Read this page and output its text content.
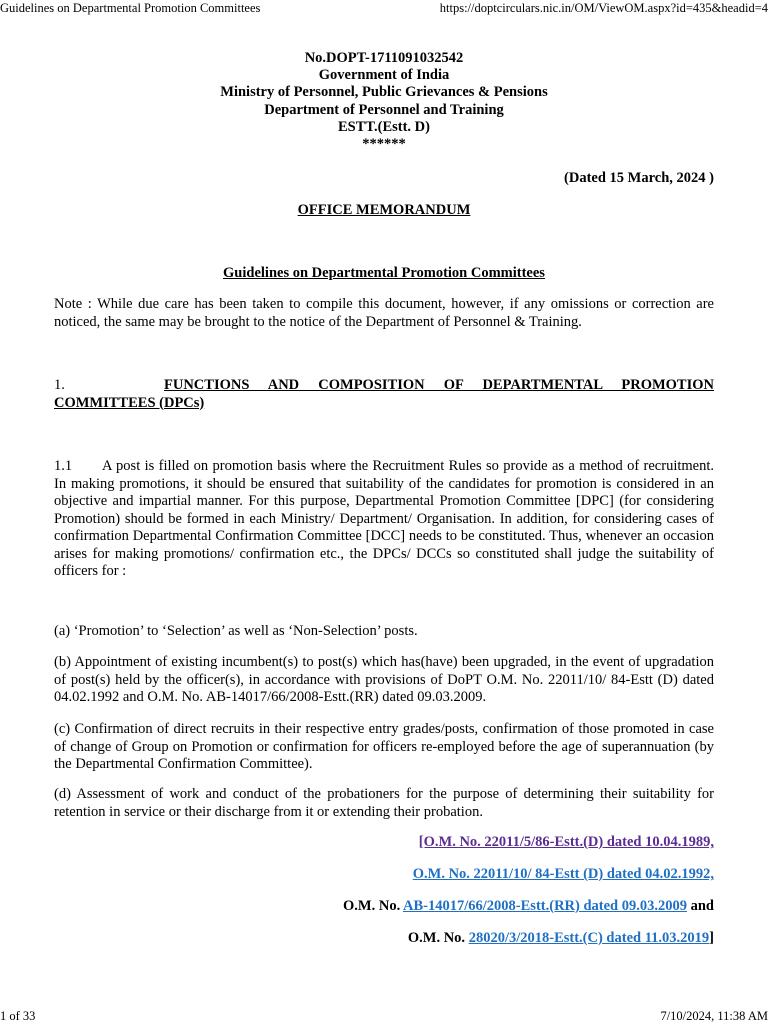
Guidelines on Departmental Promotion Committees	https://doptcirculars.nic.in/OM/ViewOM.aspx?id=435&headid=4
No.DOPT-1711091032542
Government of India
Ministry of Personnel, Public Grievances & Pensions
Department of Personnel and Training
ESTT.(Estt. D)
******
(Dated 15 March, 2024 )
OFFICE MEMORANDUM
Guidelines on Departmental Promotion Committees
Note : While due care has been taken to compile this document, however, if any omissions or correction are noticed, the same may be brought to the notice of the Department of Personnel & Training.
1.	FUNCTIONS AND COMPOSITION OF DEPARTMENTAL PROMOTION COMMITTEES (DPCs)
1.1 A post is filled on promotion basis where the Recruitment Rules so provide as a method of recruitment. In making promotions, it should be ensured that suitability of the candidates for promotion is considered in an objective and impartial manner. For this purpose, Departmental Promotion Committee [DPC] (for considering Promotion) should be formed in each Ministry/ Department/ Organisation. In addition, for considering cases of confirmation Departmental Confirmation Committee [DCC] needs to be constituted. Thus, whenever an occasion arises for making promotions/ confirmation etc., the DPCs/ DCCs so constituted shall judge the suitability of officers for :
(a) ‘Promotion’ to ‘Selection’ as well as ‘Non-Selection’ posts.
(b) Appointment of existing incumbent(s) to post(s) which has(have) been upgraded, in the event of upgradation of post(s) held by the officer(s), in accordance with provisions of DoPT O.M. No. 22011/10/ 84-Estt (D) dated 04.02.1992 and O.M. No. AB-14017/66/2008-Estt.(RR) dated 09.03.2009.
(c) Confirmation of direct recruits in their respective entry grades/posts, confirmation of those promoted in case of change of Group on Promotion or confirmation for officers re-employed before the age of superannuation (by the Departmental Confirmation Committee).
(d) Assessment of work and conduct of the probationers for the purpose of determining their suitability for retention in service or their discharge from it or extending their probation.
[O.M. No. 22011/5/86-Estt.(D) dated 10.04.1989,
O.M. No. 22011/10/ 84-Estt (D) dated 04.02.1992,
O.M. No. AB-14017/66/2008-Estt.(RR) dated 09.03.2009 and
O.M. No. 28020/3/2018-Estt.(C) dated 11.03.2019]
1 of 33	7/10/2024, 11:38 AM
